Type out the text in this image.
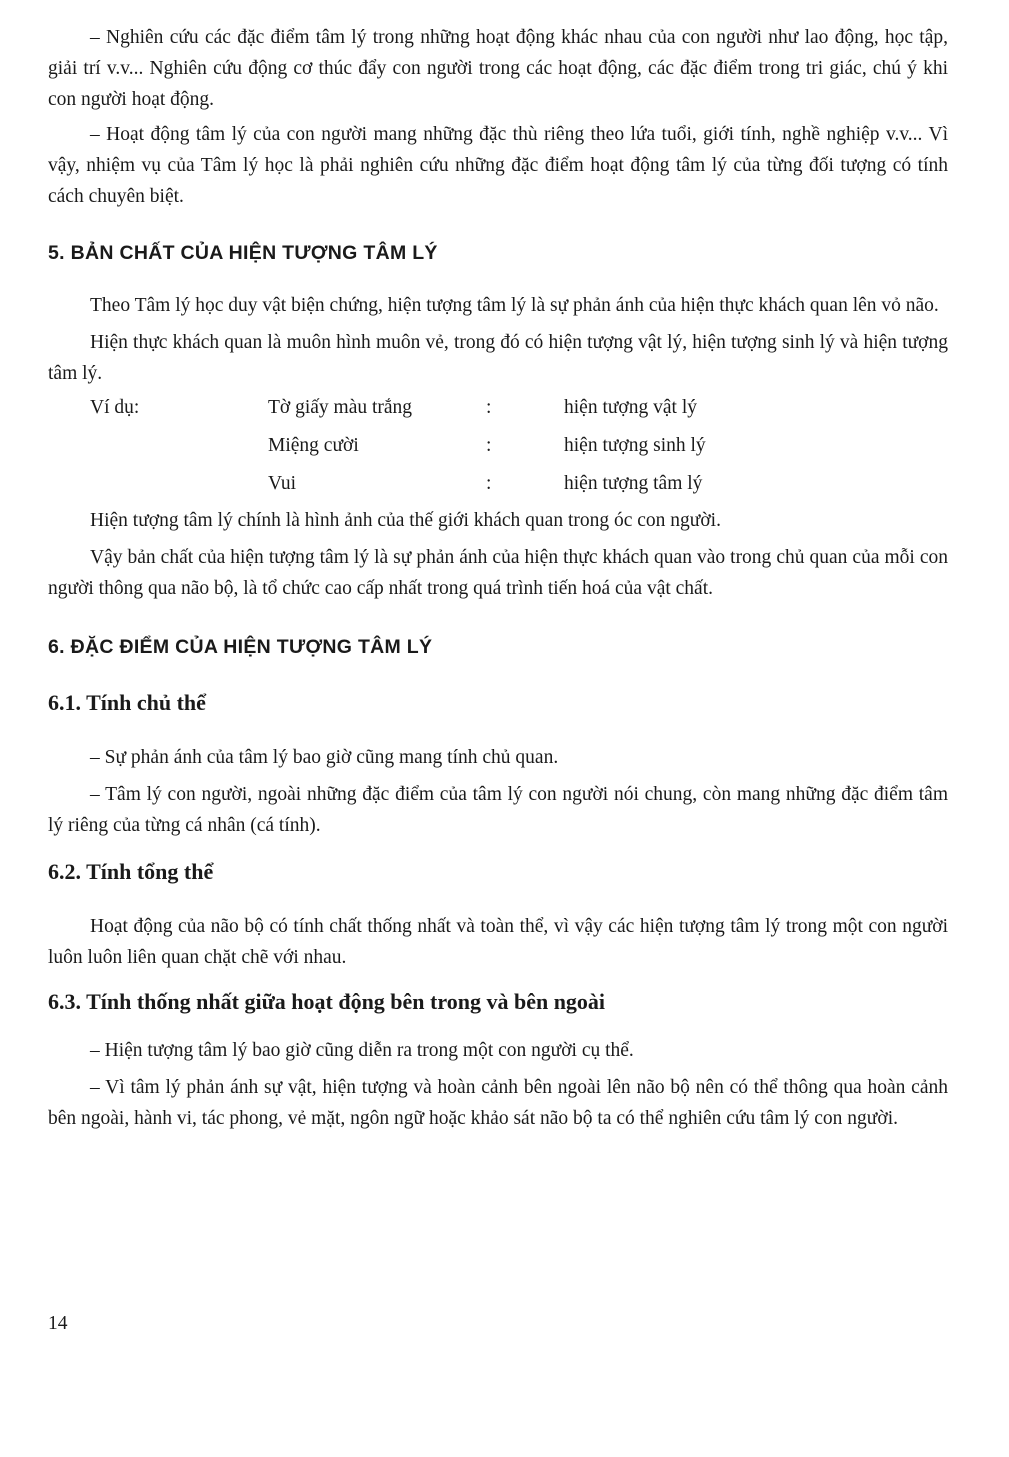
– Nghiên cứu các đặc điểm tâm lý trong những hoạt động khác nhau của con người như lao động, học tập, giải trí v.v... Nghiên cứu động cơ thúc đẩy con người trong các hoạt động, các đặc điểm trong tri giác, chú ý khi con người hoạt động.

– Hoạt động tâm lý của con người mang những đặc thù riêng theo lứa tuổi, giới tính, nghề nghiệp v.v... Vì vậy, nhiệm vụ của Tâm lý học là phải nghiên cứu những đặc điểm hoạt động tâm lý của từng đối tượng có tính cách chuyên biệt.

5. BẢN CHẤT CỦA HIỆN TƯỢNG TÂM LÝ

Theo Tâm lý học duy vật biện chứng, hiện tượng tâm lý là sự phản ánh của hiện thực khách quan lên vỏ não.

Hiện thực khách quan là muôn hình muôn vẻ, trong đó có hiện tượng vật lý, hiện tượng sinh lý và hiện tượng tâm lý.

Ví dụ:	Tờ giấy màu trắng	:	hiện tượng vật lý
	Miệng cười	:	hiện tượng sinh lý
	Vui	:	hiện tượng tâm lý

Hiện tượng tâm lý chính là hình ảnh của thế giới khách quan trong óc con người.

Vậy bản chất của hiện tượng tâm lý là sự phản ánh của hiện thực khách quan vào trong chủ quan của mỗi con người thông qua não bộ, là tổ chức cao cấp nhất trong quá trình tiến hoá của vật chất.

6. ĐẶC ĐIỂM CỦA HIỆN TƯỢNG TÂM LÝ
6.1. Tính chủ thể

– Sự phản ánh của tâm lý bao giờ cũng mang tính chủ quan.

– Tâm lý con người, ngoài những đặc điểm của tâm lý con người nói chung, còn mang những đặc điểm tâm lý riêng của từng cá nhân (cá tính).

6.2. Tính tổng thể

Hoạt động của não bộ có tính chất thống nhất và toàn thể, vì vậy các hiện tượng tâm lý trong một con người luôn luôn liên quan chặt chẽ với nhau.

6.3. Tính thống nhất giữa hoạt động bên trong và bên ngoài

– Hiện tượng tâm lý bao giờ cũng diễn ra trong một con người cụ thể.

– Vì tâm lý phản ánh sự vật, hiện tượng và hoàn cảnh bên ngoài lên não bộ nên có thể thông qua hoàn cảnh bên ngoài, hành vi, tác phong, vẻ mặt, ngôn ngữ hoặc khảo sát não bộ ta có thể nghiên cứu tâm lý con người.

14
